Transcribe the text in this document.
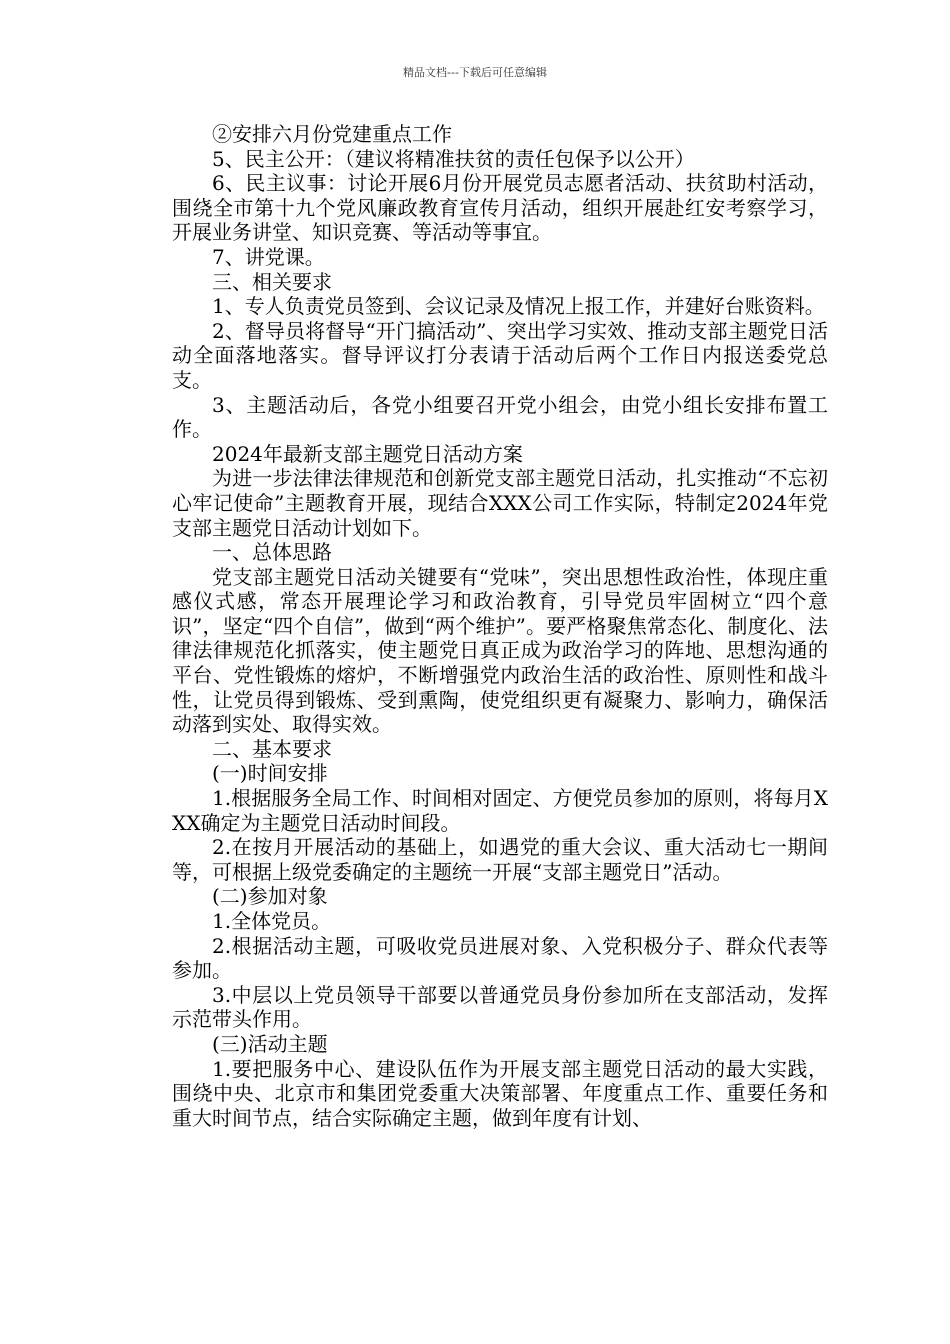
精品文档---下载后可任意编辑

②安排六月份党建重点工作

5、民主公开：（建议将精准扶贫的责任包保予以公开）

6、民主议事：讨论开展6月份开展党员志愿者活动、扶贫助村活动，围绕全市第十九个党风廉政教育宣传月活动，组织开展赴红安考察学习，开展业务讲堂、知识竞赛、等活动等事宜。

7、讲党课。

三、相关要求

1、专人负责党员签到、会议记录及情况上报工作，并建好台账资料。

2、督导员将督导“开门搞活动”、突出学习实效、推动支部主题党日活动全面落地落实。督导评议打分表请于活动后两个工作日内报送委党总支。

3、主题活动后，各党小组要召开党小组会，由党小组长安排布置工作。

2024年最新支部主题党日活动方案

为进一步法律法律规范和创新党支部主题党日活动，扎实推动“不忘初心牢记使命”主题教育开展，现结合XXX公司工作实际，特制定2024年党支部主题党日活动计划如下。

一、总体思路

党支部主题党日活动关键要有“党味”，突出思想性政治性，体现庄重感仪式感，常态开展理论学习和政治教育，引导党员牢固树立“四个意识”，坚定“四个自信”，做到“两个维护”。要严格聚焦常态化、制度化、法律法律规范化抓落实，使主题党日真正成为政治学习的阵地、思想沟通的平台、党性锻炼的熔炉，不断增强党内政治生活的政治性、原则性和战斗性，让党员得到锻炼、受到熏陶，使党组织更有凝聚力、影响力，确保活动落到实处、取得实效。

二、基本要求

(一)时间安排

1.根据服务全局工作、时间相对固定、方便党员参加的原则，将每月XXX确定为主题党日活动时间段。

2.在按月开展活动的基础上，如遇党的重大会议、重大活动七一期间等，可根据上级党委确定的主题统一开展“支部主题党日”活动。

(二)参加对象

1.全体党员。

2.根据活动主题，可吸收党员进展对象、入党积极分子、群众代表等参加。

3.中层以上党员领导干部要以普通党员身份参加所在支部活动，发挥示范带头作用。

(三)活动主题

1.要把服务中心、建设队伍作为开展支部主题党日活动的最大实践，围绕中央、北京市和集团党委重大决策部署、年度重点工作、重要任务和重大时间节点，结合实际确定主题，做到年度有计划、
